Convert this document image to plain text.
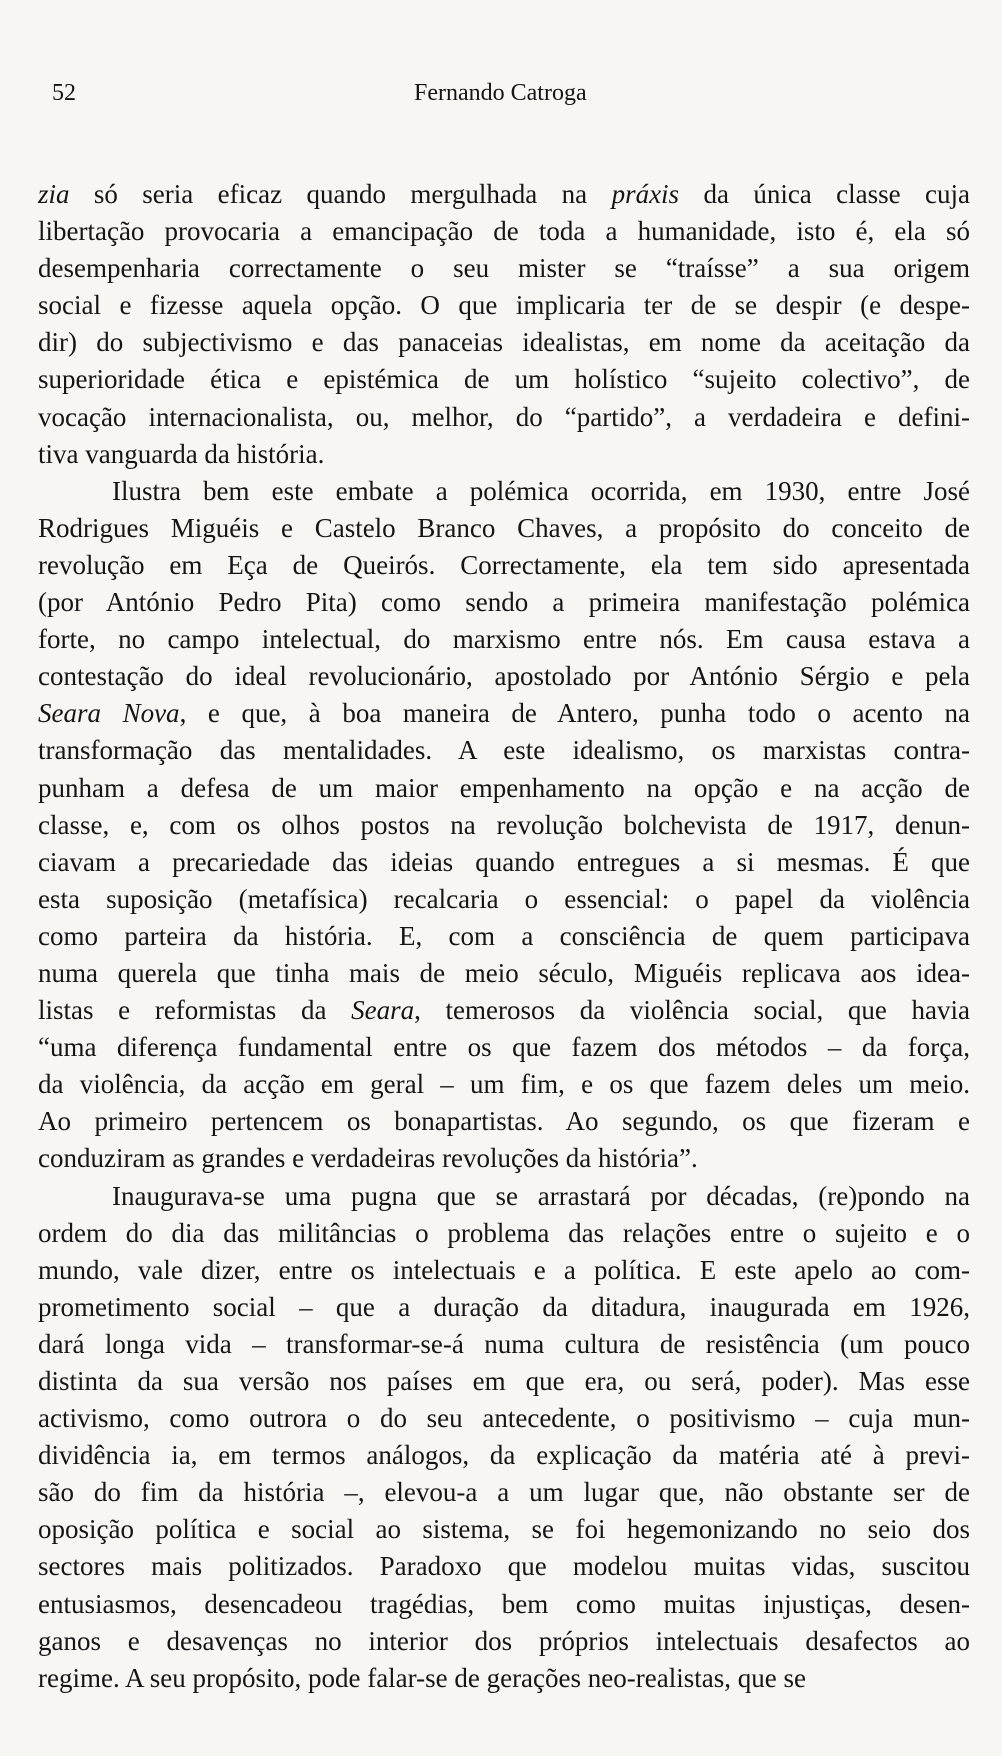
52	Fernando Catroga

zia só seria eficaz quando mergulhada na práxis da única classe cuja
libertação provocaria a emancipação de toda a humanidade, isto é, ela só
desempenharia correctamente o seu mister se “traísse” a sua origem
social e fizesse aquela opção. O que implicaria ter de se despir (e despe-
dir) do subjectivismo e das panaceias idealistas, em nome da aceitação da
superioridade ética e epistémica de um holístico “sujeito colectivo”, de
vocação internacionalista, ou, melhor, do “partido”, a verdadeira e defini-
tiva vanguarda da história.

Ilustra bem este embate a polémica ocorrida, em 1930, entre José
Rodrigues Miguéis e Castelo Branco Chaves, a propósito do conceito de
revolução em Eça de Queirós. Correctamente, ela tem sido apresentada
(por António Pedro Pita) como sendo a primeira manifestação polémica
forte, no campo intelectual, do marxismo entre nós. Em causa estava a
contestação do ideal revolucionário, apostolado por António Sérgio e pela
Seara Nova, e que, à boa maneira de Antero, punha todo o acento na
transformação das mentalidades. A este idealismo, os marxistas contra-
punham a defesa de um maior empenhamento na opção e na acção de
classe, e, com os olhos postos na revolução bolchevista de 1917, denun-
ciavam a precariedade das ideias quando entregues a si mesmas. É que
esta suposição (metafísica) recalcaria o essencial: o papel da violência
como parteira da história. E, com a consciência de quem participava
numa querela que tinha mais de meio século, Miguéis replicava aos idea-
listas e reformistas da Seara, temerosos da violência social, que havia
“uma diferença fundamental entre os que fazem dos métodos – da força,
da violência, da acção em geral – um fim, e os que fazem deles um meio.
Ao primeiro pertencem os bonapartistas. Ao segundo, os que fizeram e
conduziram as grandes e verdadeiras revoluções da história”.

Inaugurava-se uma pugna que se arrastará por décadas, (re)pondo na
ordem do dia das militâncias o problema das relações entre o sujeito e o
mundo, vale dizer, entre os intelectuais e a política. E este apelo ao com-
prometimento social – que a duração da ditadura, inaugurada em 1926,
dará longa vida – transformar-se-á numa cultura de resistência (um pouco
distinta da sua versão nos países em que era, ou será, poder). Mas esse
activismo, como outrora o do seu antecedente, o positivismo – cuja mun-
dividência ia, em termos análogos, da explicação da matéria até à previ-
são do fim da história –, elevou-a a um lugar que, não obstante ser de
oposição política e social ao sistema, se foi hegemonizando no seio dos
sectores mais politizados. Paradoxo que modelou muitas vidas, suscitou
entusiasmos, desencadeou tragédias, bem como muitas injustiças, desen-
ganos e desavenças no interior dos próprios intelectuais desafectos ao
regime. A seu propósito, pode falar-se de gerações neo-realistas, que se
